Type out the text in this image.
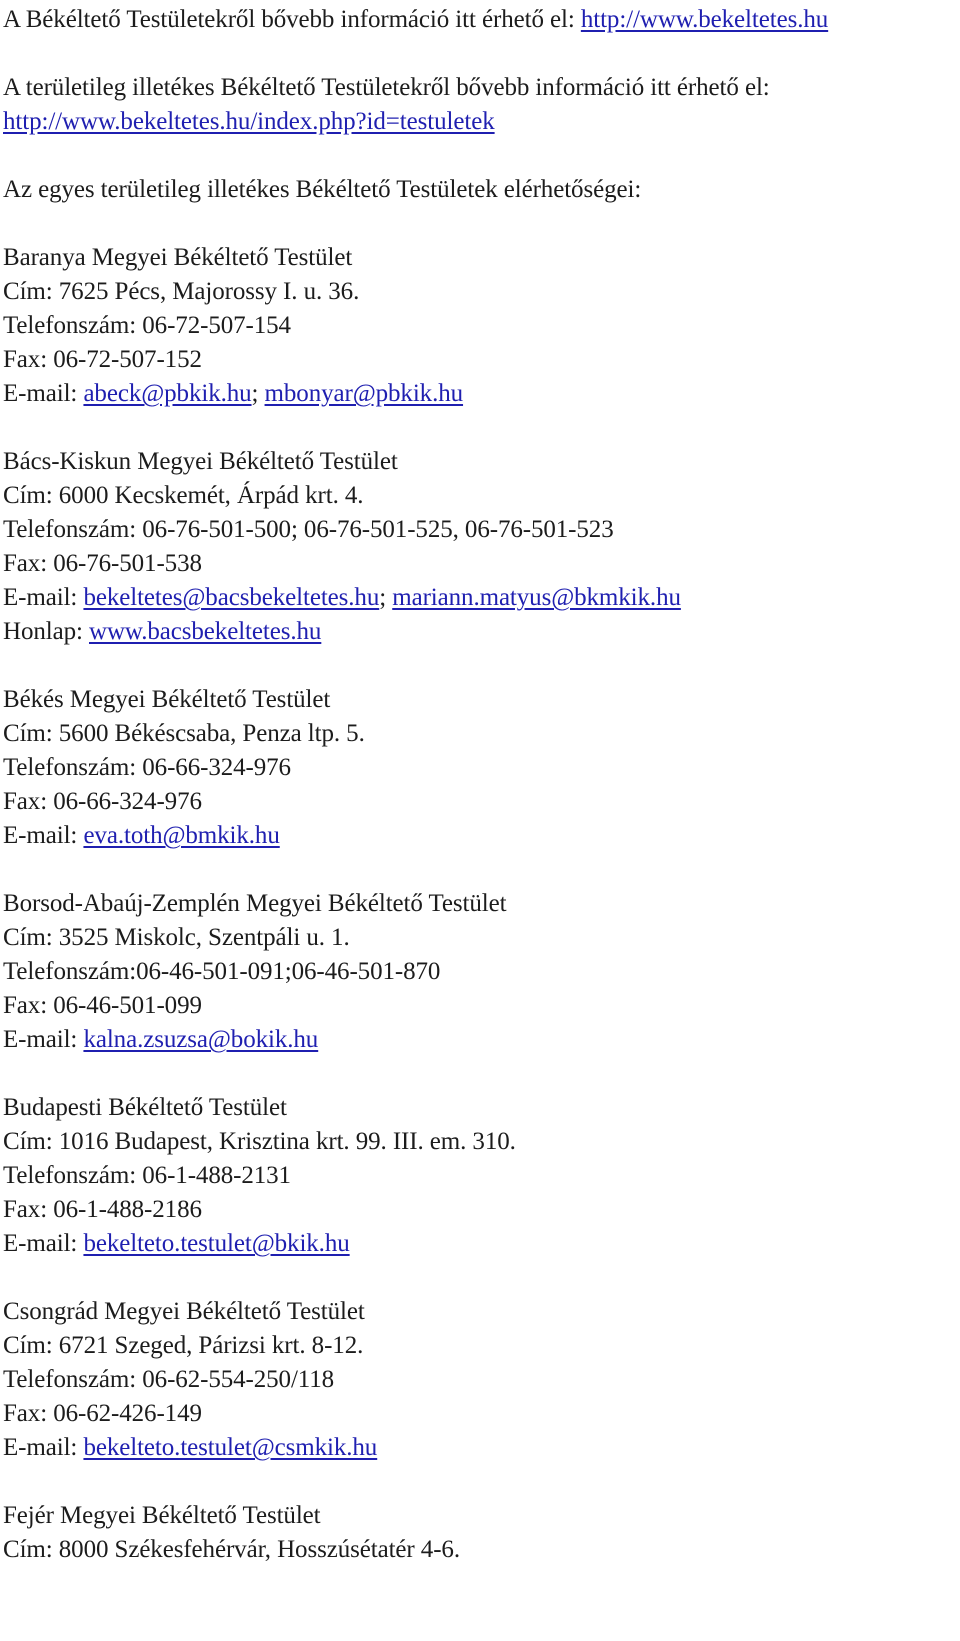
A Békéltető Testületekről bővebb információ itt érhető el: http://www.bekeltetes.hu

A területileg illetékes Békéltető Testületekről bővebb információ itt érhető el:
http://www.bekeltetes.hu/index.php?id=testuletek

Az egyes területileg illetékes Békéltető Testületek elérhetőségei:

Baranya Megyei Békéltető Testület
Cím: 7625 Pécs, Majorossy I. u. 36.
Telefonszám: 06-72-507-154
Fax: 06-72-507-152
E-mail: abeck@pbkik.hu; mbonyar@pbkik.hu
Bács-Kiskun Megyei Békéltető Testület
Cím: 6000 Kecskemét, Árpád krt. 4.
Telefonszám: 06-76-501-500; 06-76-501-525, 06-76-501-523
Fax: 06-76-501-538
E-mail: bekeltetes@bacsbekeltetes.hu; mariann.matyus@bkmkik.hu
Honlap: www.bacsbekeltetes.hu
Békés Megyei Békéltető Testület
Cím: 5600 Békéscsaba, Penza ltp. 5.
Telefonszám: 06-66-324-976
Fax: 06-66-324-976
E-mail: eva.toth@bmkik.hu
Borsod-Abaúj-Zemplén Megyei Békéltető Testület
Cím: 3525 Miskolc, Szentpáli u. 1.
Telefonszám:06-46-501-091;06-46-501-870
Fax: 06-46-501-099
E-mail: kalna.zsuzsa@bokik.hu
Budapesti Békéltető Testület
Cím: 1016 Budapest, Krisztina krt. 99. III. em. 310.
Telefonszám: 06-1-488-2131
Fax: 06-1-488-2186
E-mail: bekelteto.testulet@bkik.hu
Csongrád Megyei Békéltető Testület
Cím: 6721 Szeged, Párizsi krt. 8-12.
Telefonszám: 06-62-554-250/118
Fax: 06-62-426-149
E-mail: bekelteto.testulet@csmkik.hu
Fejér Megyei Békéltető Testület
Cím: 8000 Székesfehérvár, Hosszúsétatér 4-6.
